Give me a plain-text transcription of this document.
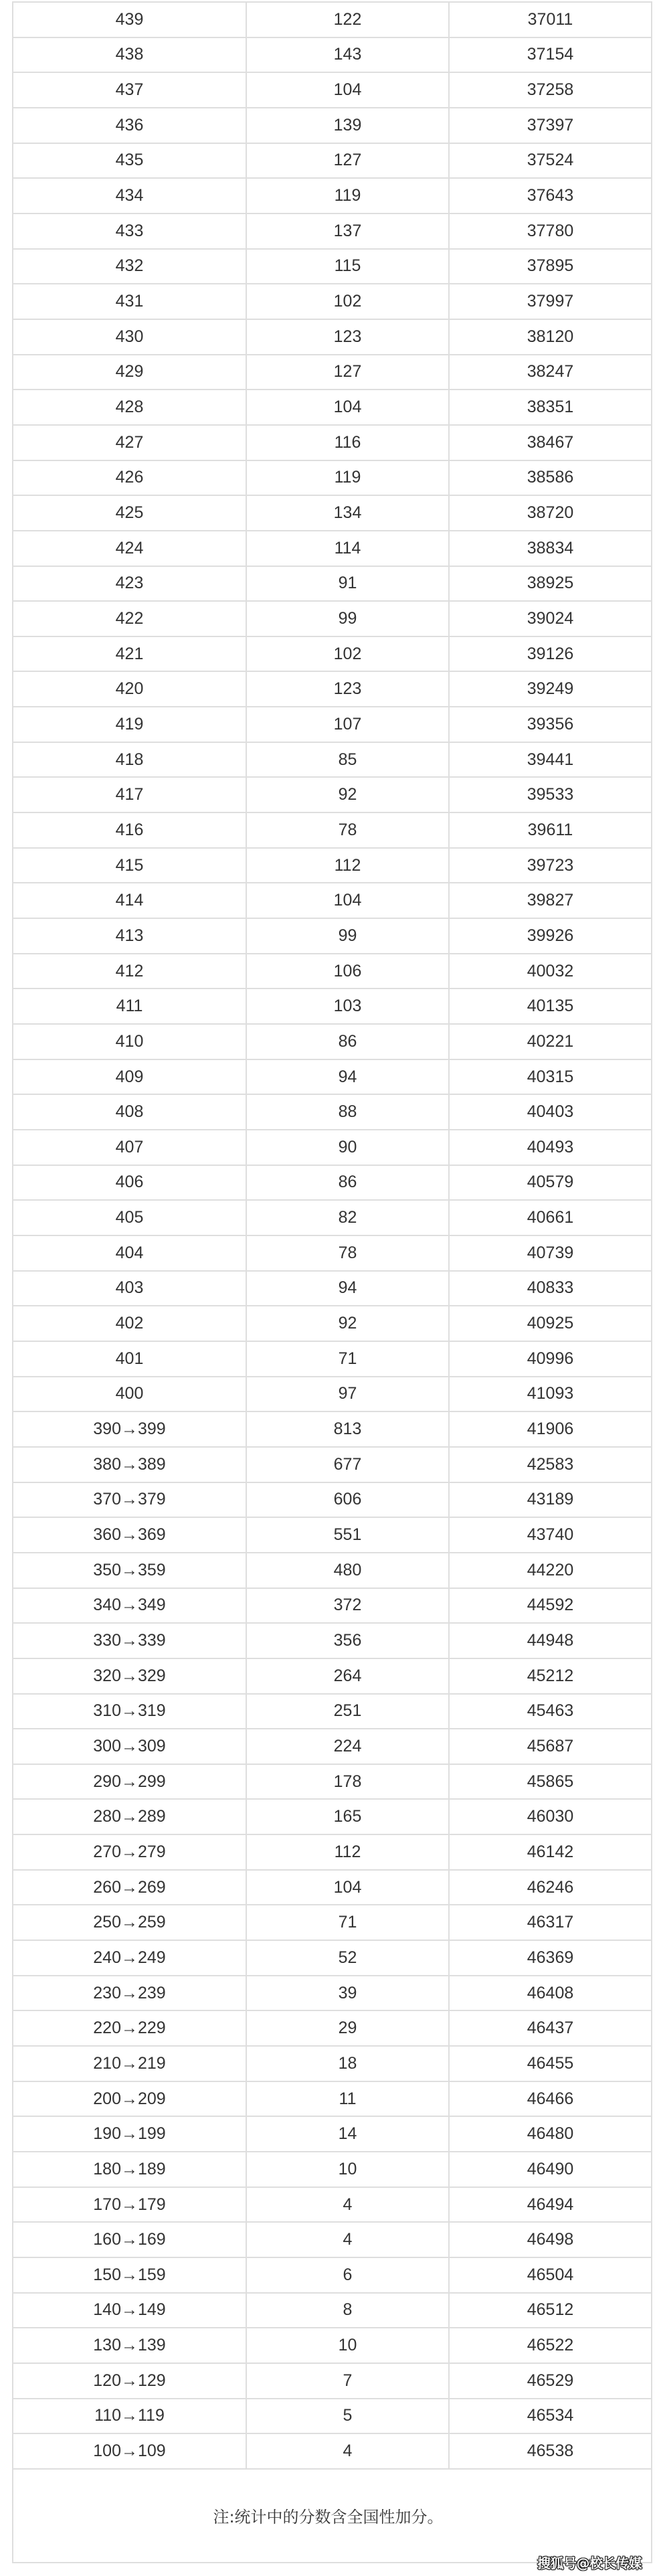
439	122	37011
438	143	37154
437	104	37258
436	139	37397
435	127	37524
434	119	37643
433	137	37780
432	115	37895
431	102	37997
430	123	38120
429	127	38247
428	104	38351
427	116	38467
426	119	38586
425	134	38720
424	114	38834
423	91	38925
422	99	39024
421	102	39126
420	123	39249
419	107	39356
418	85	39441
417	92	39533
416	78	39611
415	112	39723
414	104	39827
413	99	39926
412	106	40032
411	103	40135
410	86	40221
409	94	40315
408	88	40403
407	90	40493
406	86	40579
405	82	40661
404	78	40739
403	94	40833
402	92	40925
401	71	40996
400	97	41093
390→399	813	41906
380→389	677	42583
370→379	606	43189
360→369	551	43740
350→359	480	44220
340→349	372	44592
330→339	356	44948
320→329	264	45212
310→319	251	45463
300→309	224	45687
290→299	178	45865
280→289	165	46030
270→279	112	46142
260→269	104	46246
250→259	71	46317
240→249	52	46369
230→239	39	46408
220→229	29	46437
210→219	18	46455
200→209	11	46466
190→199	14	46480
180→189	10	46490
170→179	4	46494
160→169	4	46498
150→159	6	46504
140→149	8	46512
130→139	10	46522
120→129	7	46529
110→119	5	46534
100→109	4	46538
注:统计中的分数含全国性加分。
搜狐号@校长传媒
